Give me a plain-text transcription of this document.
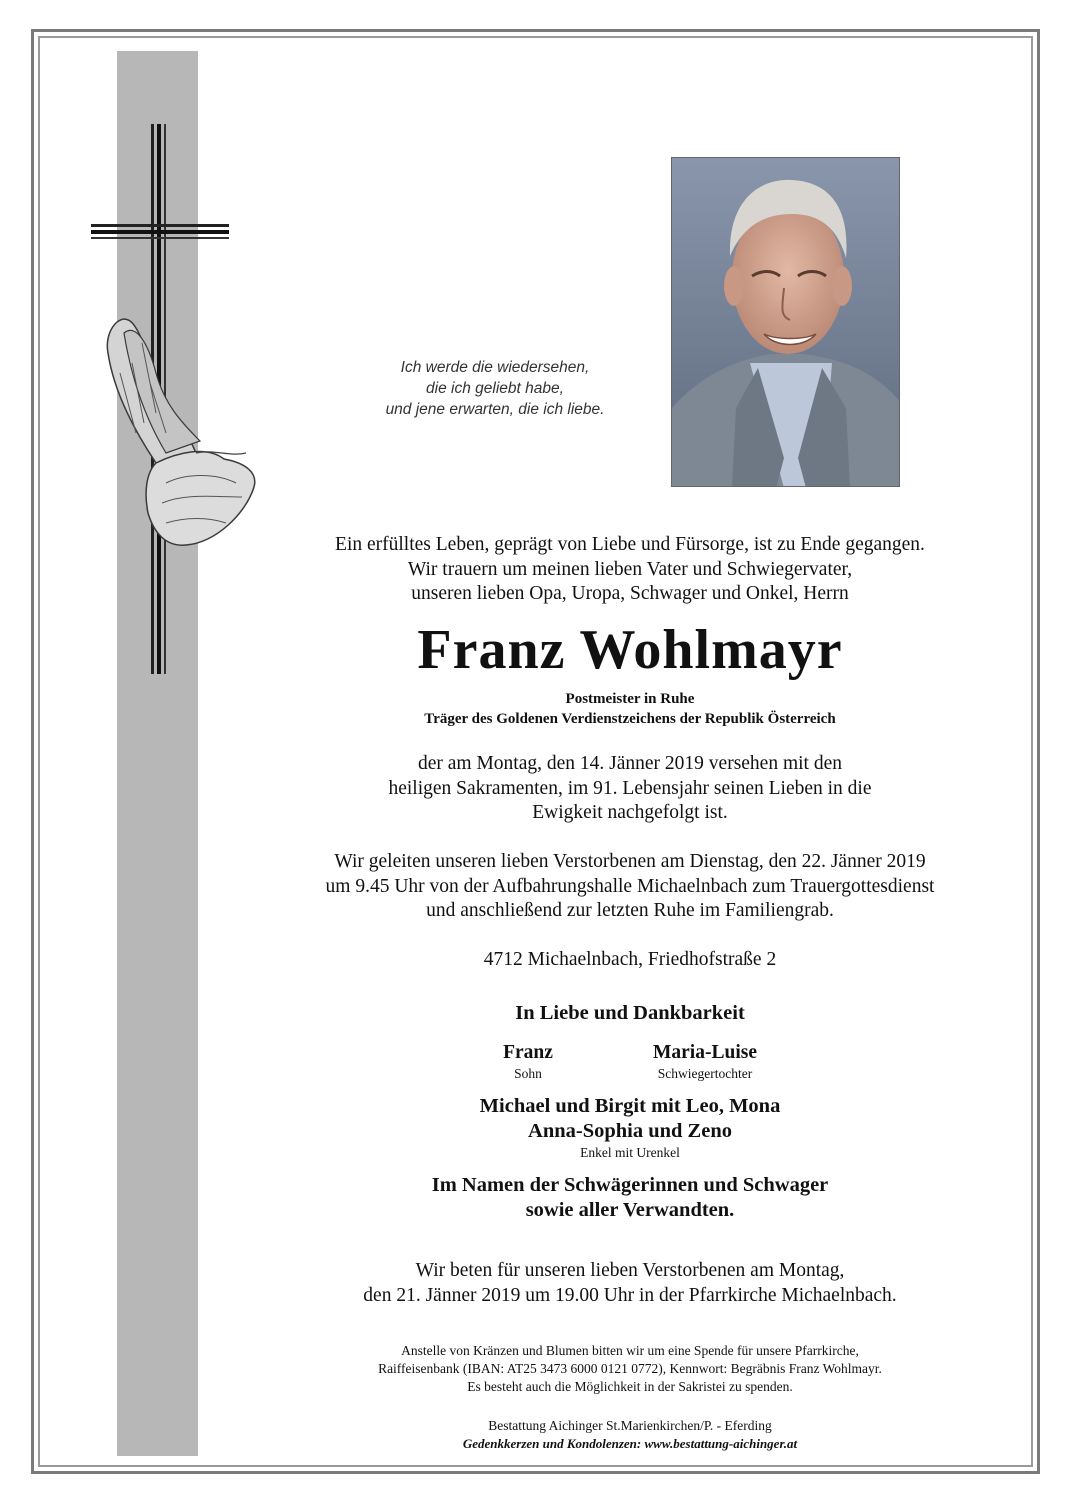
Ich werde die wiedersehen,
die ich geliebt habe,
und jene erwarten, die ich liebe.
Ein erfülltes Leben, geprägt von Liebe und Fürsorge, ist zu Ende gegangen.
Wir trauern um meinen lieben Vater und Schwiegervater,
unseren lieben Opa, Uropa, Schwager und Onkel, Herrn
Franz Wohlmayr
Postmeister in Ruhe
Träger des Goldenen Verdienstzeichens der Republik Österreich
der am Montag, den 14. Jänner 2019 versehen mit den
heiligen Sakramenten, im 91. Lebensjahr seinen Lieben in die
Ewigkeit nachgefolgt ist.
Wir geleiten unseren lieben Verstorbenen am Dienstag, den 22. Jänner 2019
um 9.45 Uhr von der Aufbahrungshalle Michaelnbach zum Trauergottesdienst
und anschließend zur letzten Ruhe im Familiengrab.
4712 Michaelnbach, Friedhofstraße 2
In Liebe und Dankbarkeit
Franz
Sohn
Maria-Luise
Schwiegertochter
Michael und Birgit mit Leo, Mona
Anna-Sophia und Zeno
Enkel mit Urenkel
Im Namen der Schwägerinnen und Schwager
sowie aller Verwandten.
Wir beten für unseren lieben Verstorbenen am Montag,
den 21. Jänner 2019 um 19.00 Uhr in der Pfarrkirche Michaelnbach.
Anstelle von Kränzen und Blumen bitten wir um eine Spende für unsere Pfarrkirche,
Raiffeisenbank (IBAN: AT25 3473 6000 0121 0772), Kennwort: Begräbnis Franz Wohlmayr.
Es besteht auch die Möglichkeit in der Sakristei zu spenden.
Bestattung Aichinger St.Marienkirchen/P. - Eferding
Gedenkkerzen und Kondolenzen: www.bestattung-aichinger.at
